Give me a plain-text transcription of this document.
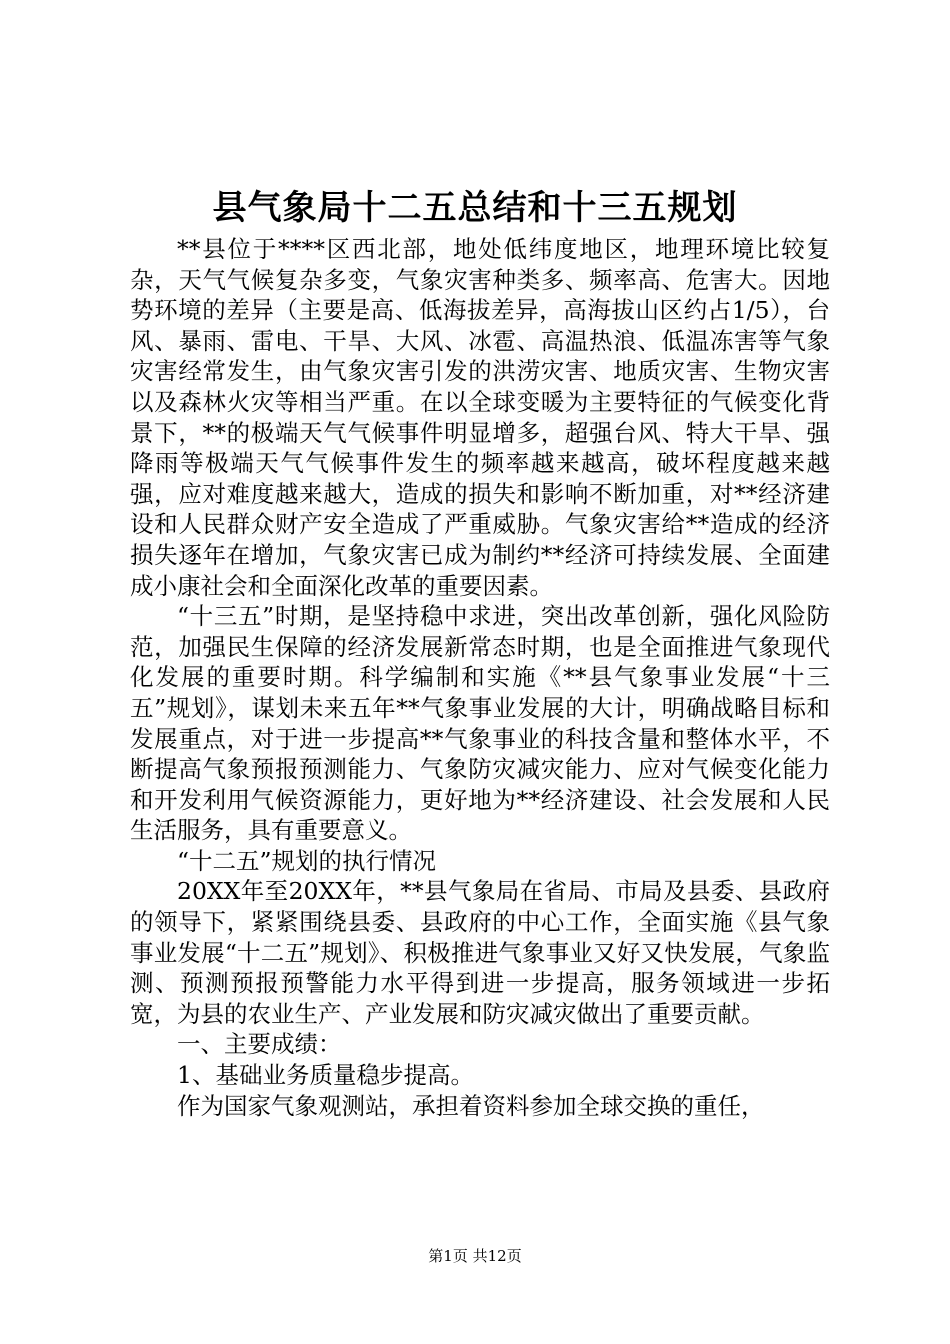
县气象局十二五总结和十三五规划

**县位于****区西北部，地处低纬度地区，地理环境比较复杂，天气气候复杂多变，气象灾害种类多、频率高、危害大。因地势环境的差异（主要是高、低海拔差异，高海拔山区约占1/5），台风、暴雨、雷电、干旱、大风、冰雹、高温热浪、低温冻害等气象灾害经常发生，由气象灾害引发的洪涝灾害、地质灾害、生物灾害以及森林火灾等相当严重。在以全球变暖为主要特征的气候变化背景下，**的极端天气气候事件明显增多，超强台风、特大干旱、强降雨等极端天气气候事件发生的频率越来越高，破坏程度越来越强，应对难度越来越大，造成的损失和影响不断加重，对**经济建设和人民群众财产安全造成了严重威胁。气象灾害给**造成的经济损失逐年在增加，气象灾害已成为制约**经济可持续发展、全面建成小康社会和全面深化改革的重要因素。

“十三五”时期，是坚持稳中求进，突出改革创新，强化风险防范，加强民生保障的经济发展新常态时期，也是全面推进气象现代化发展的重要时期。科学编制和实施《**县气象事业发展“十三五”规划》，谋划未来五年**气象事业发展的大计，明确战略目标和发展重点，对于进一步提高**气象事业的科技含量和整体水平，不断提高气象预报预测能力、气象防灾减灾能力、应对气候变化能力和开发利用气候资源能力，更好地为**经济建设、社会发展和人民生活服务，具有重要意义。

“十二五”规划的执行情况

20XX年至20XX年，**县气象局在省局、市局及县委、县政府的领导下，紧紧围绕县委、县政府的中心工作，全面实施《县气象事业发展“十二五”规划》、积极推进气象事业又好又快发展，气象监测、预测预报预警能力水平得到进一步提高，服务领域进一步拓宽，为县的农业生产、产业发展和防灾减灾做出了重要贡献。

一、主要成绩：

1、基础业务质量稳步提高。

作为国家气象观测站，承担着资料参加全球交换的重任，

第1页 共12页
